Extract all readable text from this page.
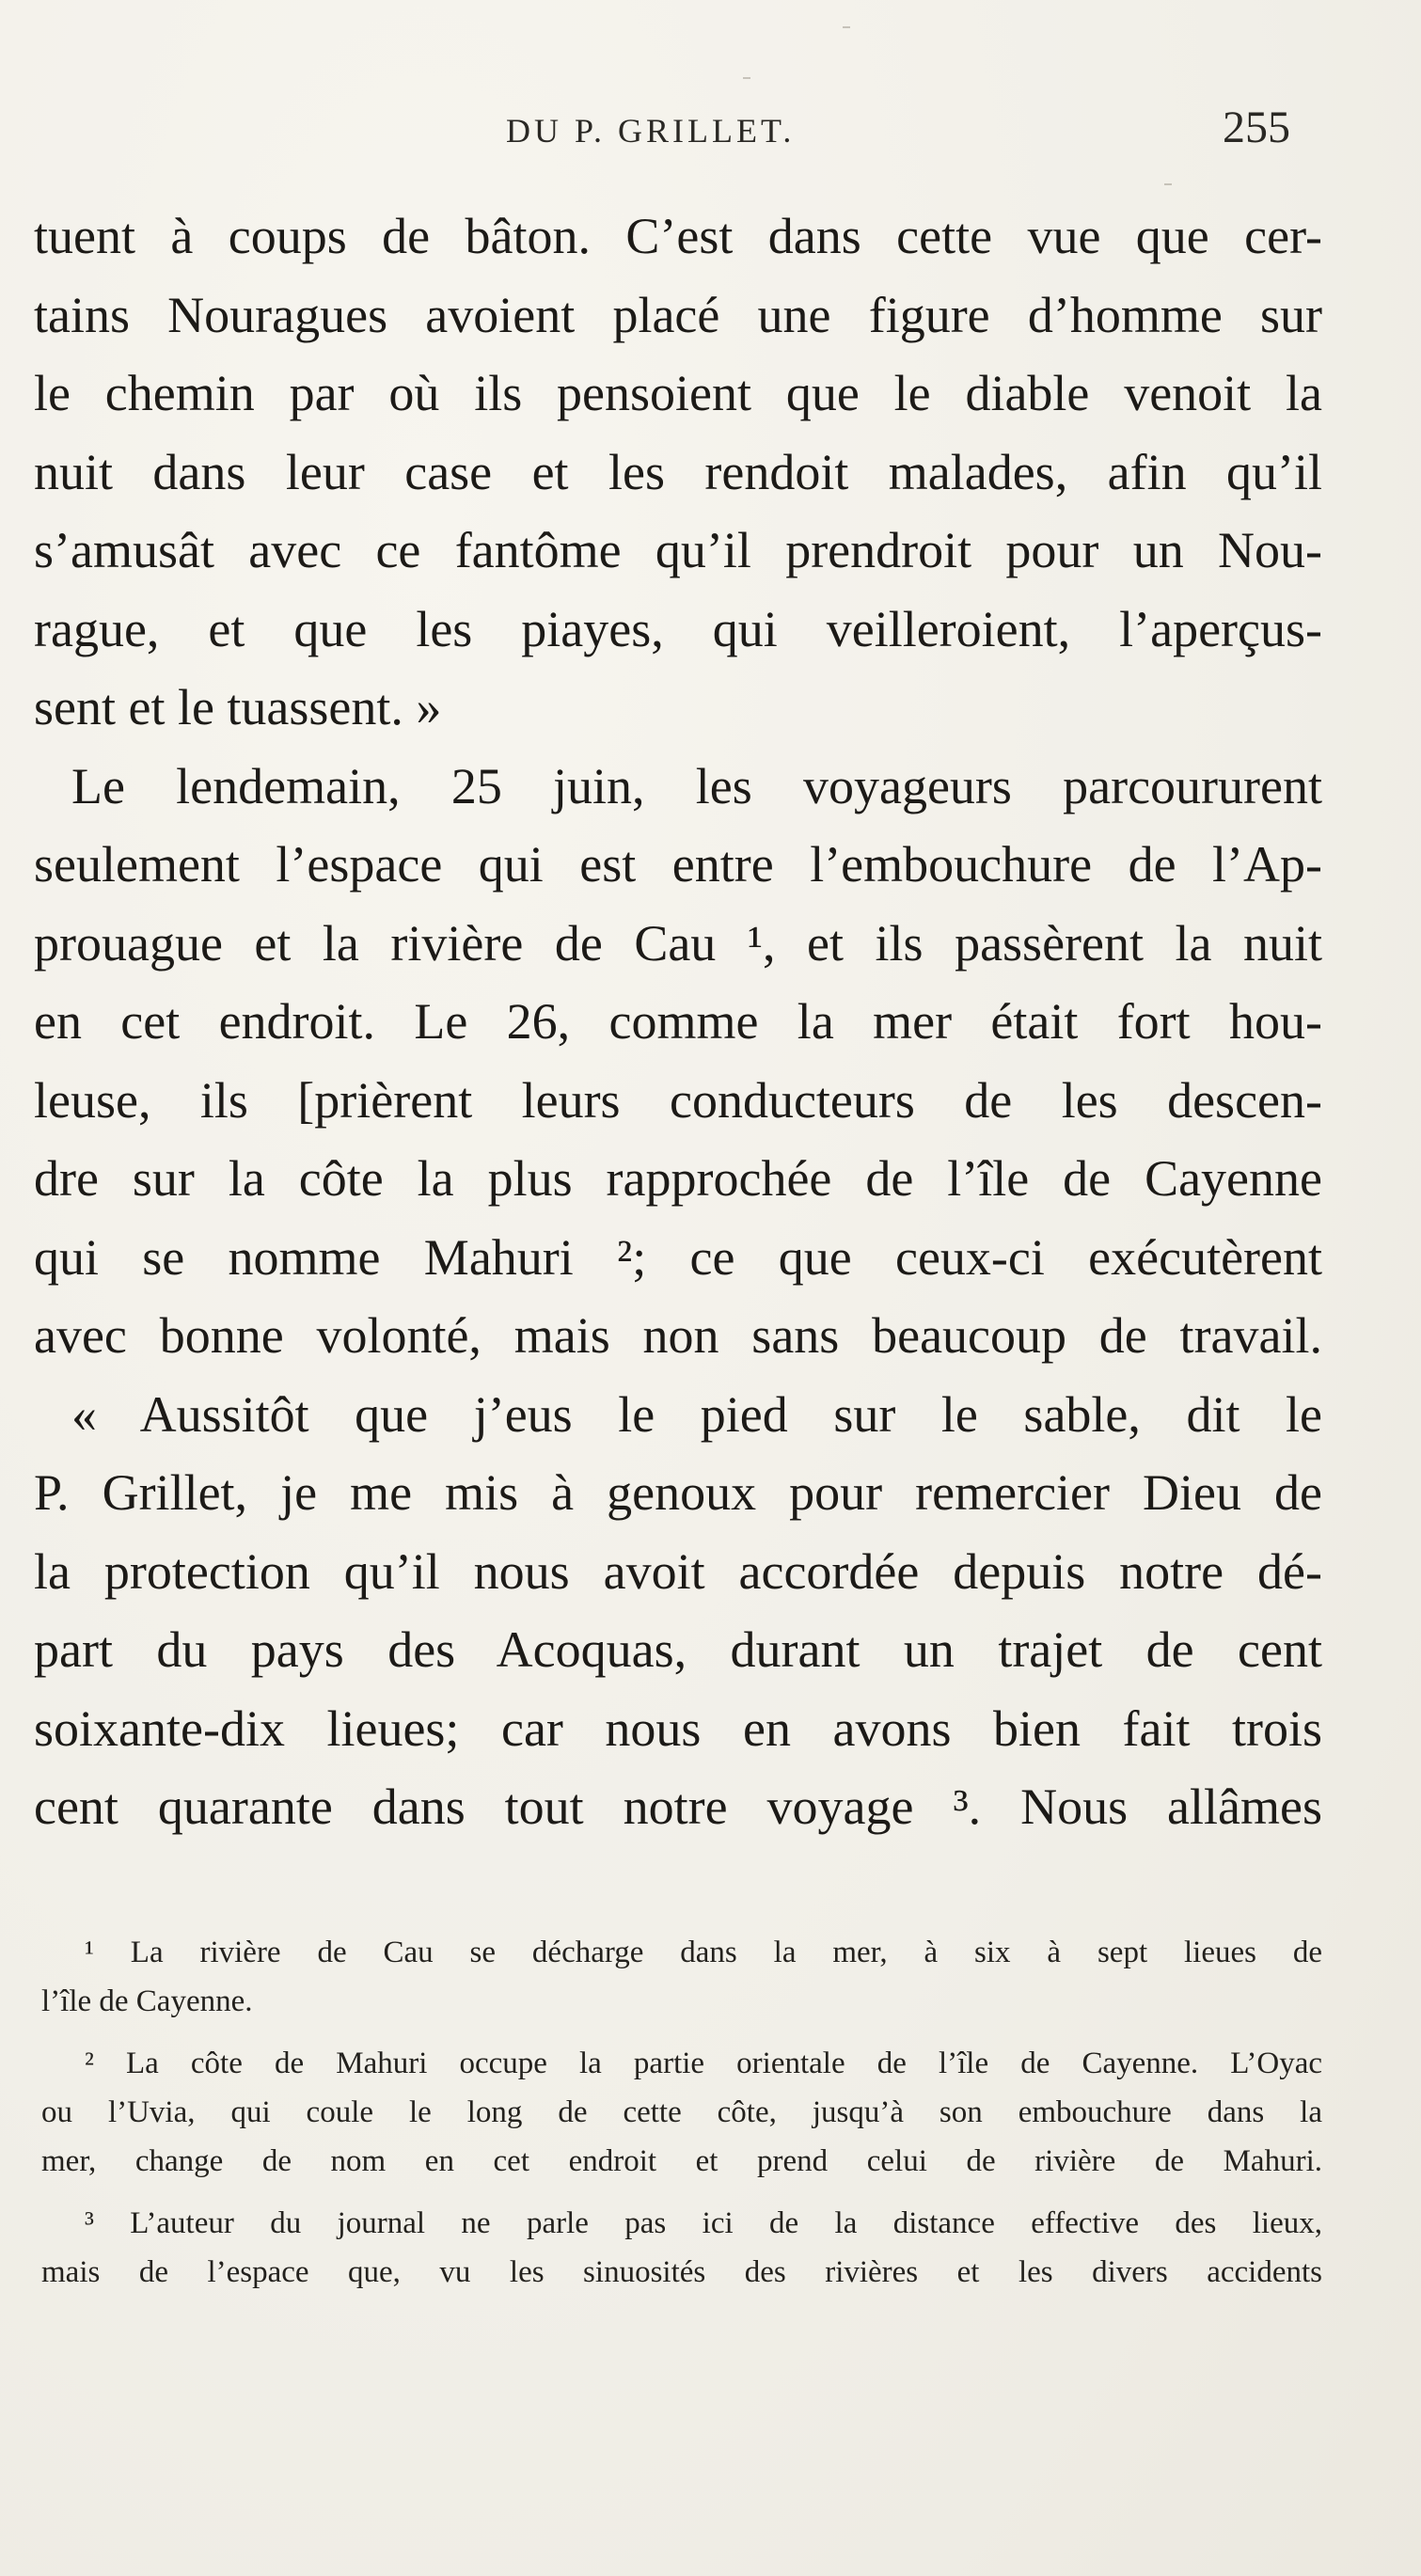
DU P. GRILLET.	255
tuent à coups de bâton. C’est dans cette vue que cer-
tains Nouragues avoient placé une figure d’homme sur
le chemin par où ils pensoient que le diable venoit la
nuit dans leur case et les rendoit malades, afin qu’il
s’amusât avec ce fantôme qu’il prendroit pour un Nou-
rague, et que les piayes, qui veilleroient, l’aperçus-
sent et le tuassent. »
Le lendemain, 25 juin, les voyageurs parcoururent
seulement l’espace qui est entre l’embouchure de l’Ap-
prouague et la rivière de Cau ¹, et ils passèrent la nuit
en cet endroit. Le 26, comme la mer était fort hou-
leuse, ils [prièrent leurs conducteurs de les descen-
dre sur la côte la plus rapprochée de l’île de Cayenne
qui se nomme Mahuri ²; ce que ceux-ci exécutèrent
avec bonne volonté, mais non sans beaucoup de travail.
« Aussitôt que j’eus le pied sur le sable, dit le
P. Grillet, je me mis à genoux pour remercier Dieu de
la protection qu’il nous avoit accordée depuis notre dé-
part du pays des Acoquas, durant un trajet de cent
soixante-dix lieues; car nous en avons bien fait trois
cent quarante dans tout notre voyage ³. Nous allâmes
¹ La rivière de Cau se décharge dans la mer, à six à sept lieues de
l’île de Cayenne.
² La côte de Mahuri occupe la partie orientale de l’île de Cayenne. L’Oyac
ou l’Uvia, qui coule le long de cette côte, jusqu’à son embouchure dans la
mer, change de nom en cet endroit et prend celui de rivière de Mahuri.
³ L’auteur du journal ne parle pas ici de la distance effective des lieux,
mais de l’espace que, vu les sinuosités des rivières et les divers accidents
